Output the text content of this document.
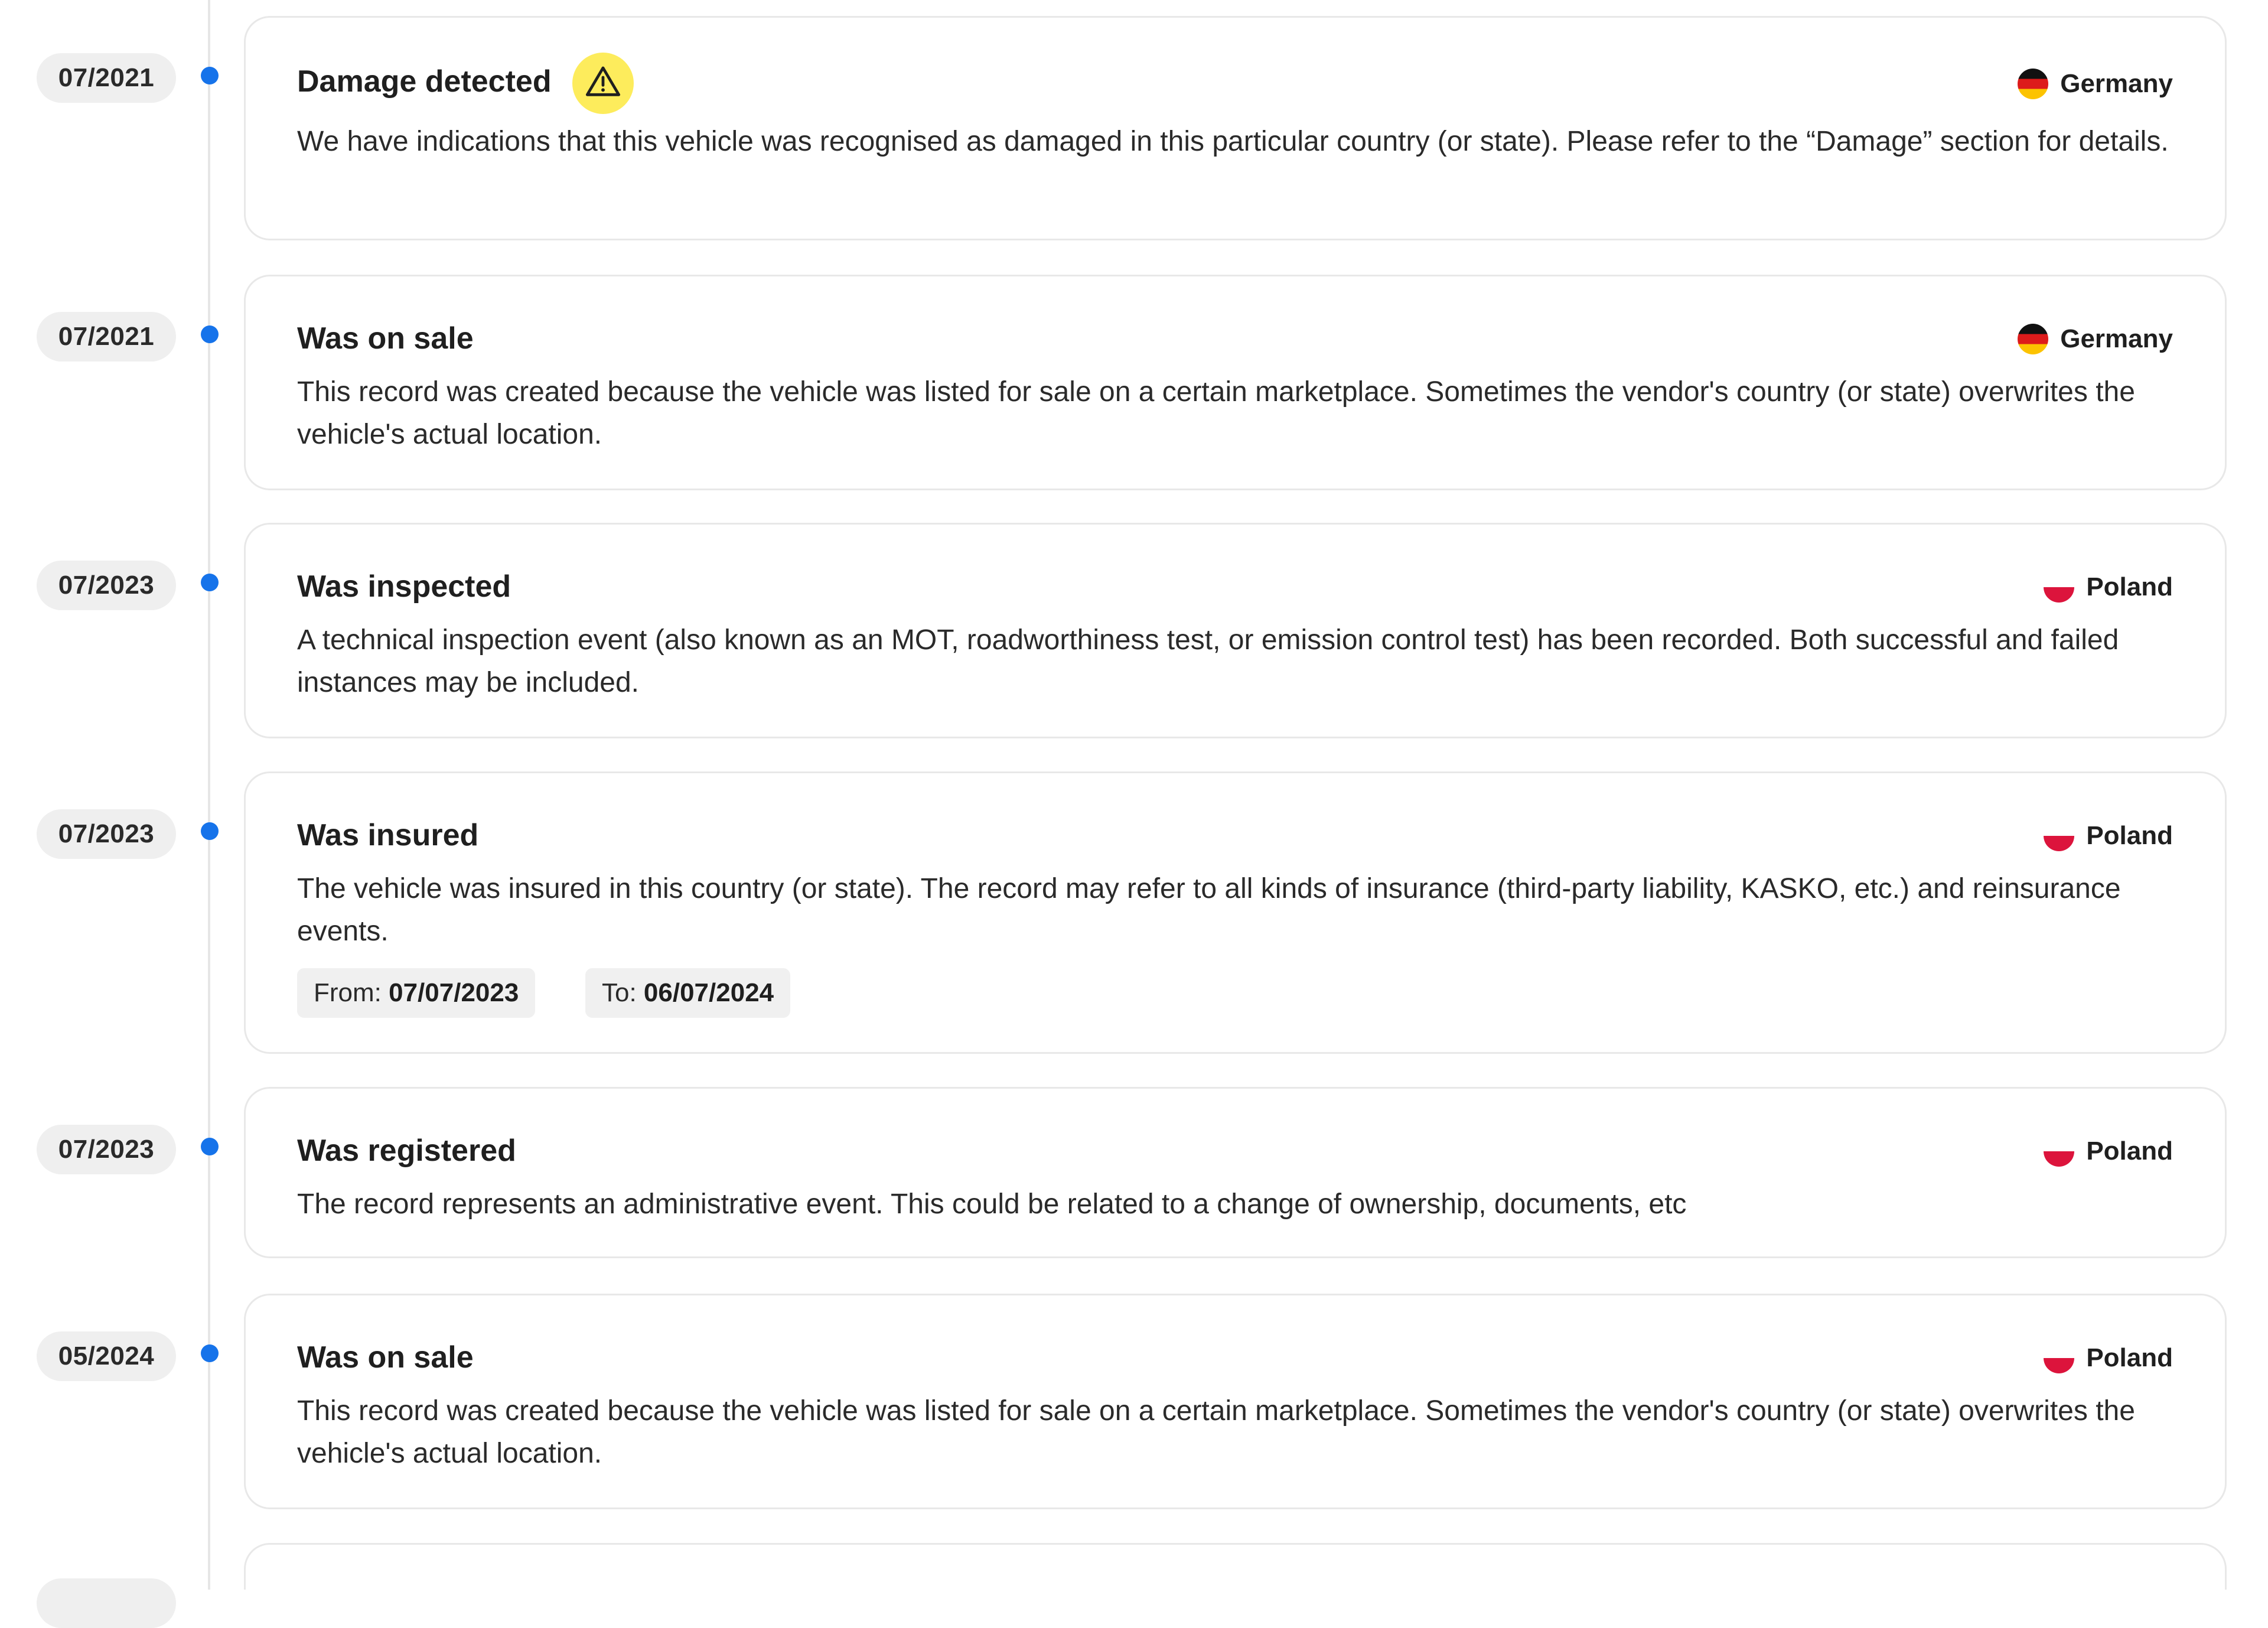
07/2021	Damage detected	Germany
We have indications that this vehicle was recognised as damaged in this particular country (or state). Please refer to the “Damage” section for details.
07/2021	Was on sale	Germany
This record was created because the vehicle was listed for sale on a certain marketplace. Sometimes the vendor's country (or state) overwrites the vehicle's actual location.
07/2023	Was inspected	Poland
A technical inspection event (also known as an MOT, roadworthiness test, or emission control test) has been recorded. Both successful and failed instances may be included.
07/2023	Was insured	Poland
The vehicle was insured in this country (or state). The record may refer to all kinds of insurance (third-party liability, KASKO, etc.) and reinsurance events.
From: 07/07/2023	To: 06/07/2024
07/2023	Was registered	Poland
The record represents an administrative event. This could be related to a change of ownership, documents, etc
05/2024	Was on sale	Poland
This record was created because the vehicle was listed for sale on a certain marketplace. Sometimes the vendor's country (or state) overwrites the vehicle's actual location.
